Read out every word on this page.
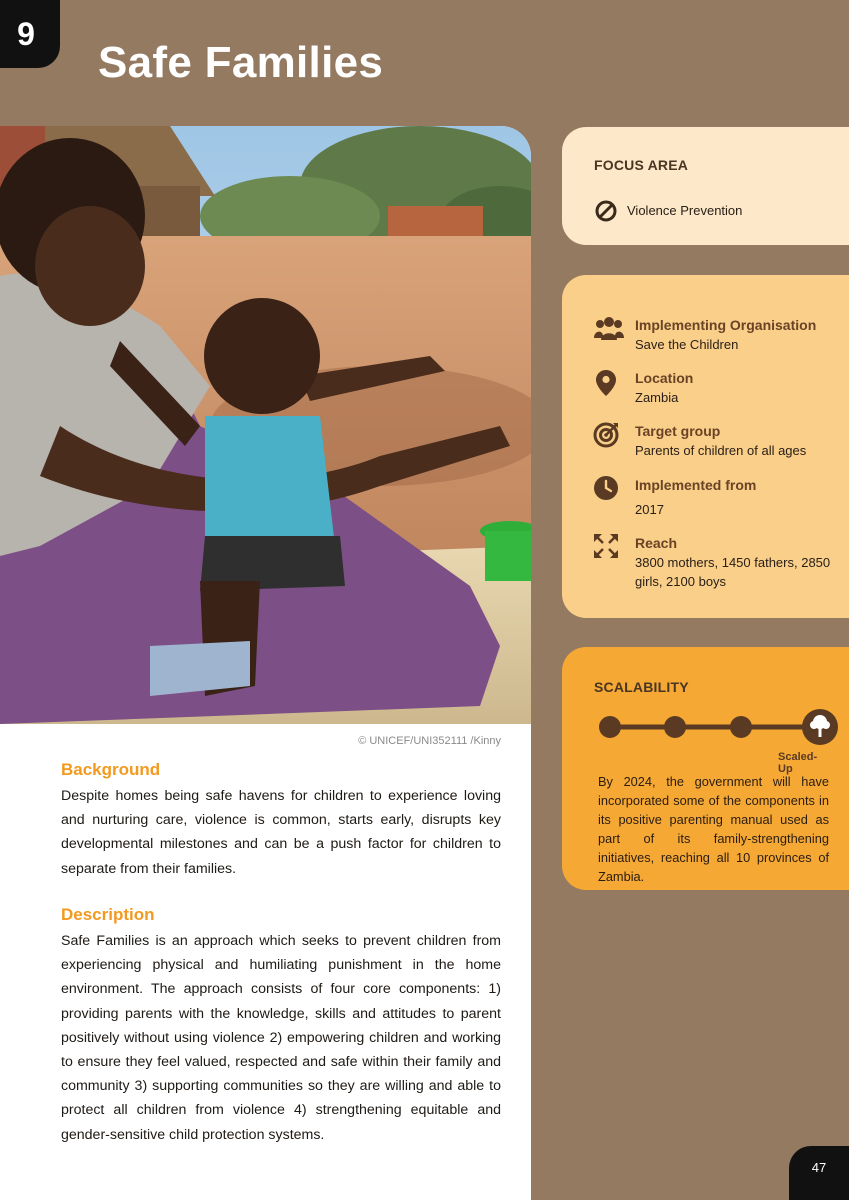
9
Safe Families
© UNICEF/UNI352111 /Kinny
Background

Despite homes being safe havens for children to experience loving and nurturing care, violence is common, starts early, disrupts key developmental milestones and can be a push factor for children to separate from their families.

Description

Safe Families is an approach which seeks to prevent children from experiencing physical and humiliating punishment in the home environment. The approach consists of four core components: 1) providing parents with the knowledge, skills and attitudes to parent positively without using violence 2) empowering children and working to ensure they feel valued, respected and safe within their family and community 3) supporting communities so they are willing and able to protect all children from violence 4) strengthening equitable and gender-sensitive child protection systems.

FOCUS AREA
Violence Prevention
Implementing Organisation
Save the Children
Location
Zambia
Target group
Parents of children of all ages
Implemented from
2017
Reach
3800 mothers, 1450 fathers, 2850 girls, 2100 boys
SCALABILITY
Scaled-Up

By 2024, the government will have incorporated some of the components in its positive parenting manual used as part of its family-strengthening initiatives, reaching all 10 provinces of Zambia.

47
